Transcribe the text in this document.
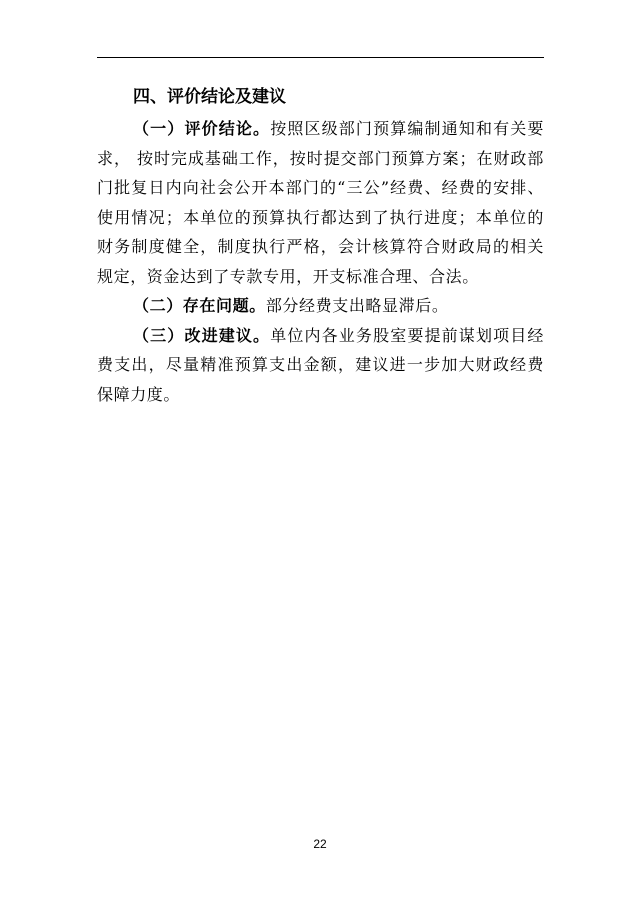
四、评价结论及建议

（一）评价结论。按照区级部门预算编制通知和有关要求， 按时完成基础工作，按时提交部门预算方案；在财政部门批复日内向社会公开本部门的“三公”经费、经费的安排、使用情况；本单位的预算执行都达到了执行进度；本单位的财务制度健全，制度执行严格，会计核算符合财政局的相关规定，资金达到了专款专用，开支标准合理、合法。

（二）存在问题。部分经费支出略显滞后。

（三）改进建议。单位内各业务股室要提前谋划项目经费支出，尽量精准预算支出金额，建议进一步加大财政经费保障力度。

22
